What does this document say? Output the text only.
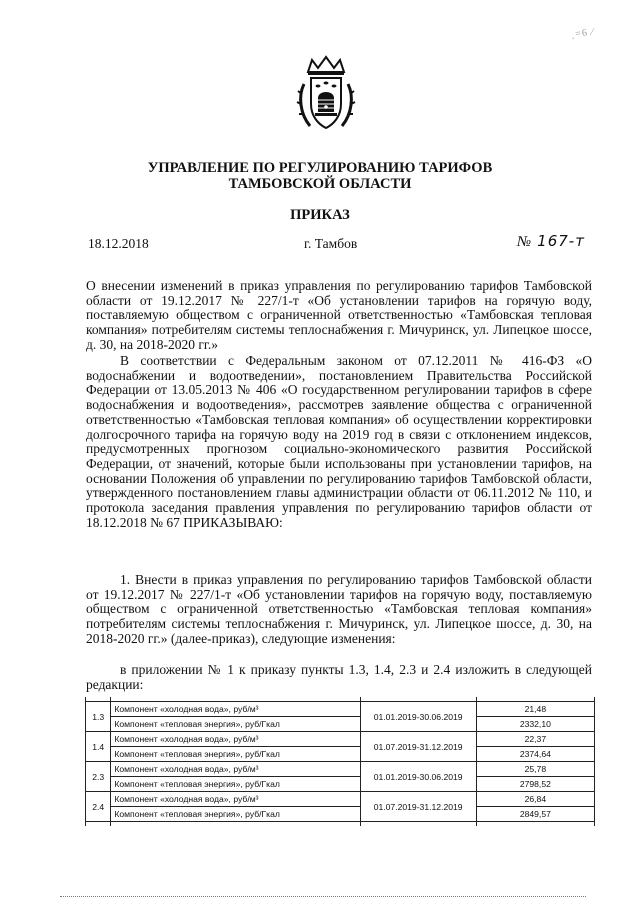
ˏ=6 ⁄
УПРАВЛЕНИЕ ПО РЕГУЛИРОВАНИЮ ТАРИФОВ
ТАМБОВСКОЙ ОБЛАСТИ
ПРИКАЗ
18.12.2018	г. Тамбов	№ 167-т
О внесении изменений в приказ управления по регулированию тарифов Тамбовской области от 19.12.2017 № 227/1-т «Об установлении тарифов на горячую воду, поставляемую обществом с ограниченной ответственностью «Тамбовская тепловая компания» потребителям системы теплоснабжения г. Мичуринск, ул. Липецкое шоссе, д. 30, на 2018-2020 гг.»
В соответствии с Федеральным законом от 07.12.2011 № 416-ФЗ «О водоснабжении и водоотведении», постановлением Правительства Российской Федерации от 13.05.2013 № 406 «О государственном регулировании тарифов в сфере водоснабжения и водоотведения», рассмотрев заявление общества с ограниченной ответственностью «Тамбовская тепловая компания» об осуществлении корректировки долгосрочного тарифа на горячую воду на 2019 год в связи с отклонением индексов, предусмотренных прогнозом социально-экономического развития Российской Федерации, от значений, которые были использованы при установлении тарифов, на основании Положения об управлении по регулированию тарифов Тамбовской области, утвержденного постановлением главы администрации области от 06.11.2012 № 110, и протокола заседания правления управления по регулированию тарифов области от 18.12.2018 № 67 ПРИКАЗЫВАЮ:
1. Внести в приказ управления по регулированию тарифов Тамбовской области от 19.12.2017 № 227/1-т «Об установлении тарифов на горячую воду, поставляемую обществом с ограниченной ответственностью «Тамбовская тепловая компания» потребителям системы теплоснабжения г. Мичуринск, ул. Липецкое шоссе, д. 30, на 2018-2020 гг.» (далее-приказ), следующие изменения:
в приложении № 1 к приказу пункты 1.3, 1.4, 2.3 и 2.4 изложить в следующей редакции:

1.3	Компонент «холодная вода», руб/м³	01.01.2019-30.06.2019	21,48
	Компонент «тепловая энергия», руб/Гкал		2332,10
1.4	Компонент «холодная вода», руб/м³	01.07.2019-31.12.2019	22,37
	Компонент «тепловая энергия», руб/Гкал		2374,64
2.3	Компонент «холодная вода», руб/м³	01.01.2019-30.06.2019	25,78
	Компонент «тепловая энергия», руб/Гкал		2798,52
2.4	Компонент «холодная вода», руб/м³	01.07.2019-31.12.2019	26,84
	Компонент «тепловая энергия», руб/Гкал		2849,57
